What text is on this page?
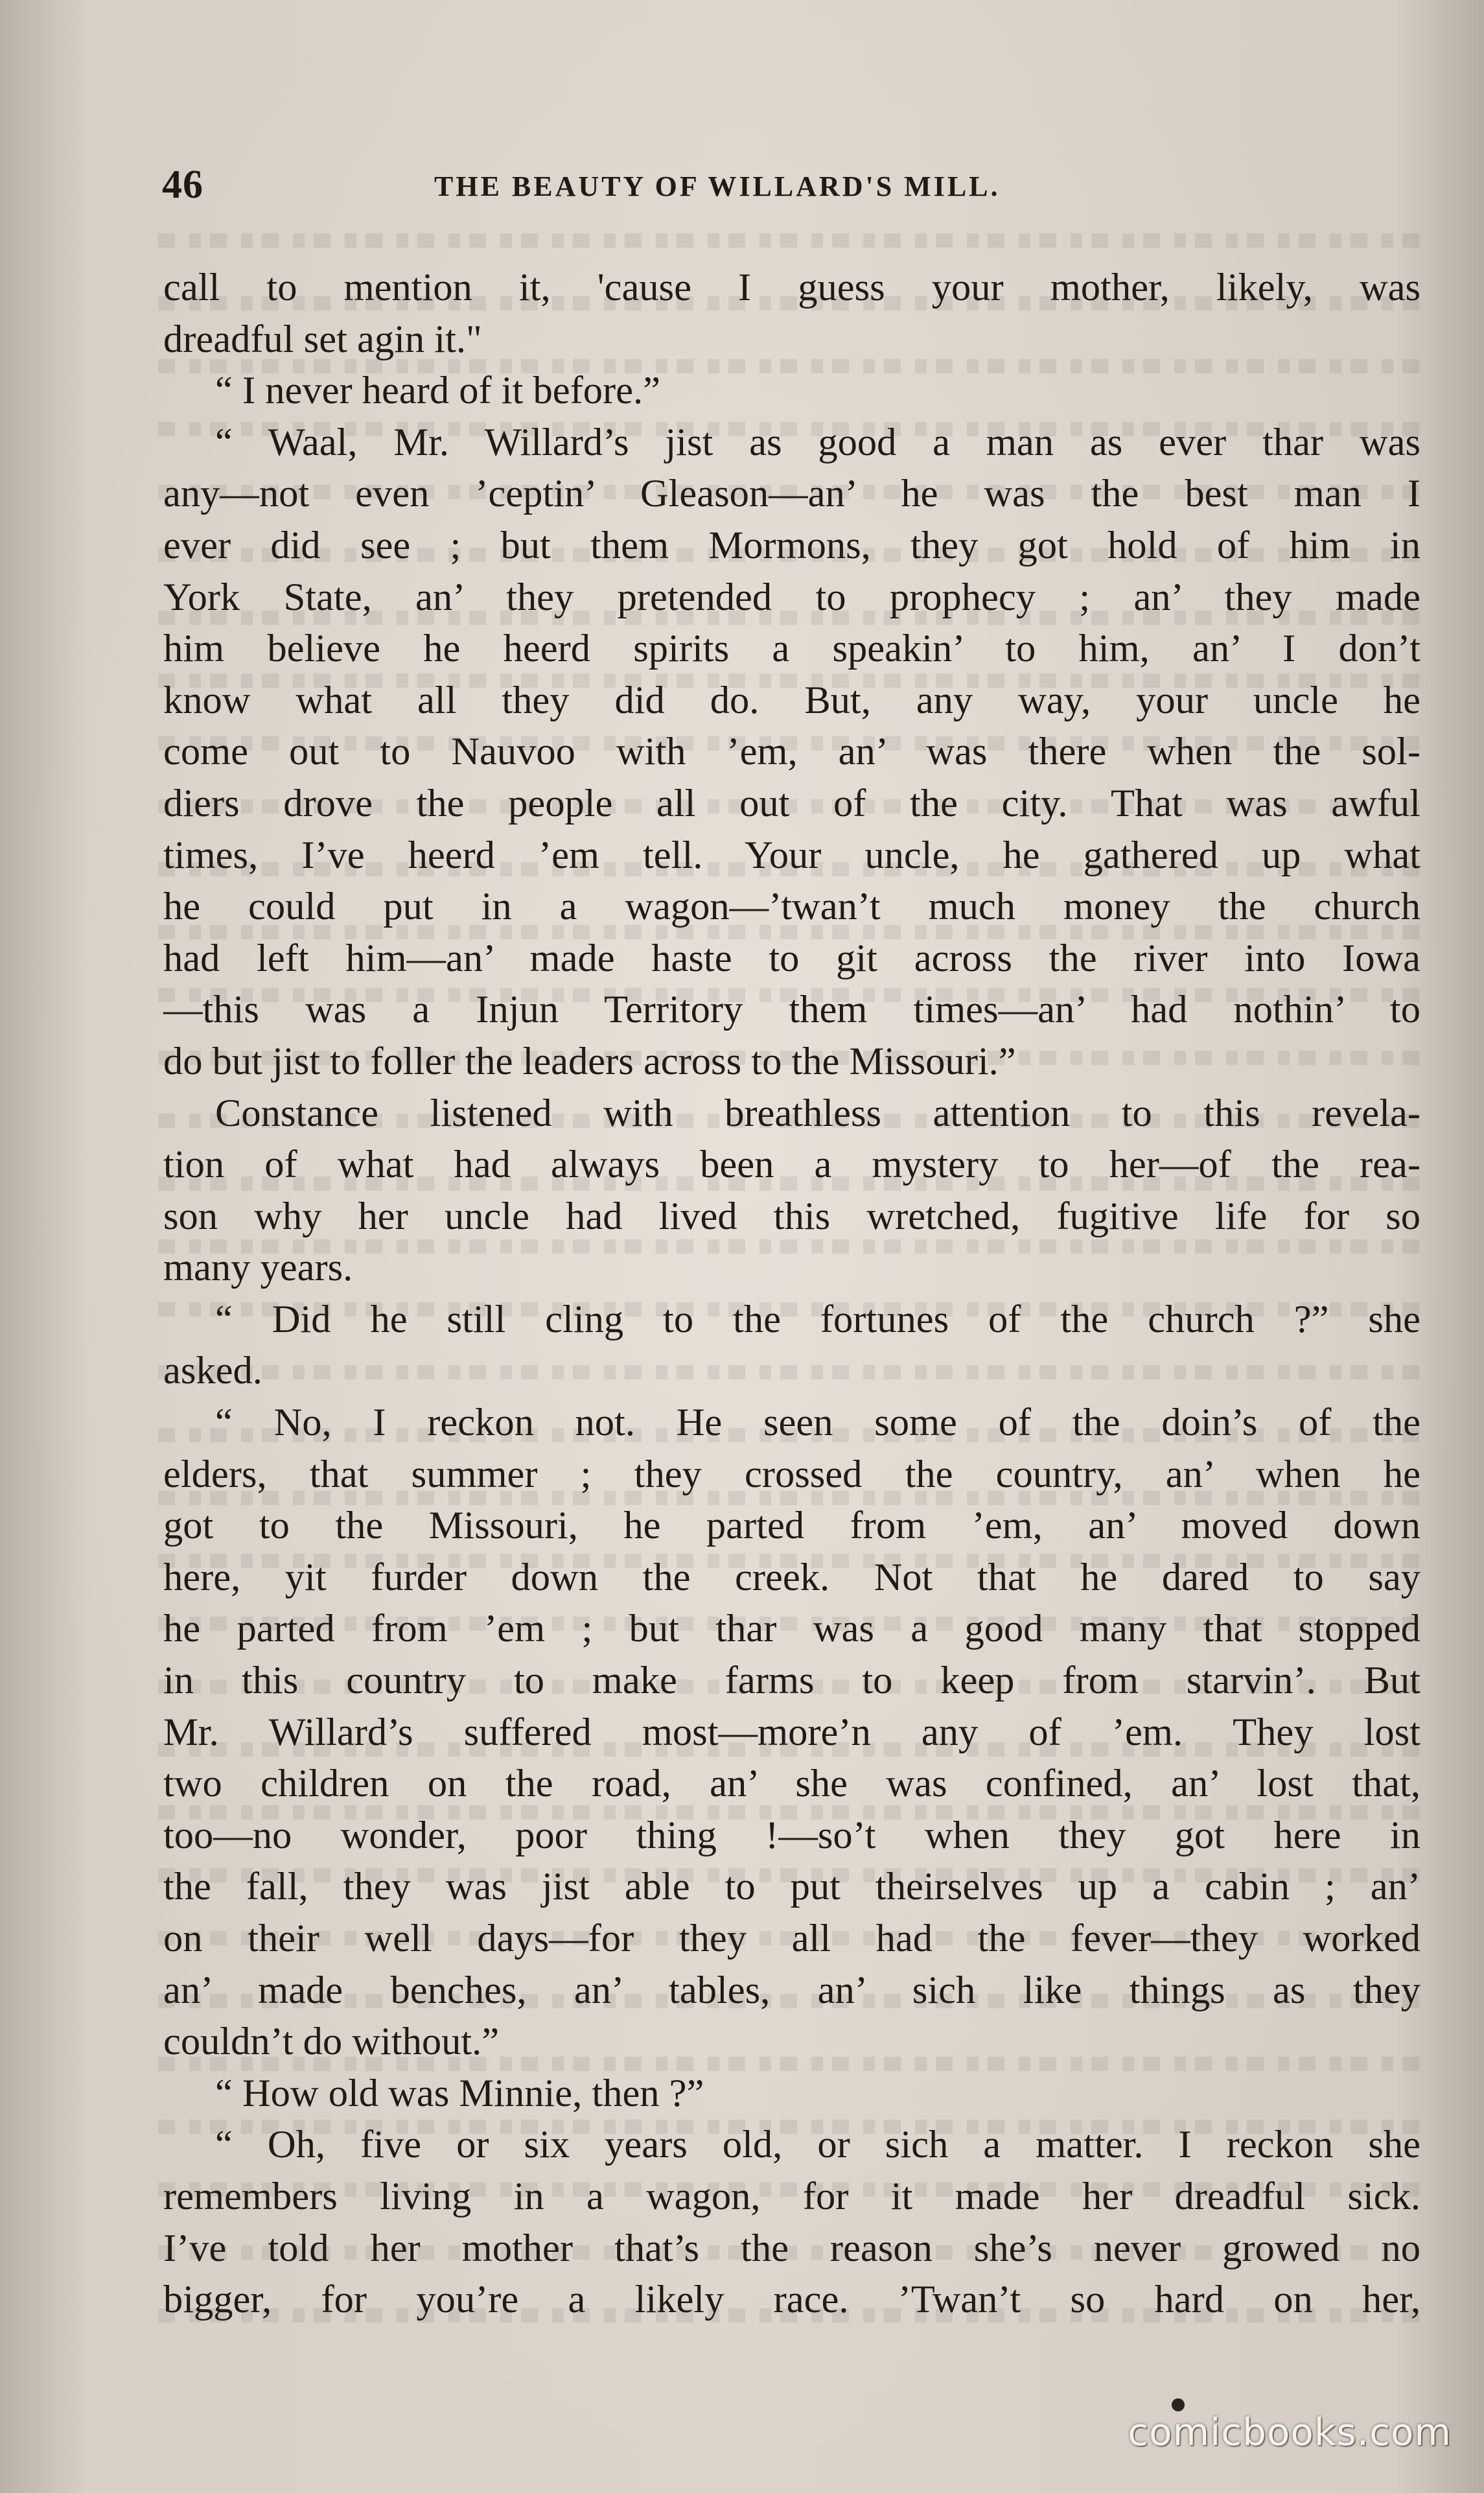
46	THE BEAUTY OF WILLARD'S MILL.
call to mention it, 'cause I guess your mother, likely, was
dreadful set agin it."
“ I never heard of it before.”
“ Waal, Mr. Willard’s jist as good a man as ever thar was
any—not even ’ceptin’ Gleason—an’ he was the best man I
ever did see ; but them Mormons, they got hold of him in
York State, an’ they pretended to prophecy ; an’ they made
him believe he heerd spirits a speakin’ to him, an’ I don’t
know what all they did do. But, any way, your uncle he
come out to Nauvoo with ’em, an’ was there when the sol-
diers drove the people all out of the city. That was awful
times, I’ve heerd ’em tell. Your uncle, he gathered up what
he could put in a wagon—’twan’t much money the church
had left him—an’ made haste to git across the river into Iowa
—this was a Injun Territory them times—an’ had nothin’ to
do but jist to foller the leaders across to the Missouri.”
Constance listened with breathless attention to this revela-
tion of what had always been a mystery to her—of the rea-
son why her uncle had lived this wretched, fugitive life for so
many years.
“ Did he still cling to the fortunes of the church ?” she
asked.
“ No, I reckon not. He seen some of the doin’s of the
elders, that summer ; they crossed the country, an’ when he
got to the Missouri, he parted from ’em, an’ moved down
here, yit furder down the creek. Not that he dared to say
he parted from ’em ; but thar was a good many that stopped
in this country to make farms to keep from starvin’. But
Mr. Willard’s suffered most—more’n any of ’em. They lost
two children on the road, an’ she was confined, an’ lost that,
too—no wonder, poor thing !—so’t when they got here in
the fall, they was jist able to put theirselves up a cabin ; an’
on their well days—for they all had the fever—they worked
an’ made benches, an’ tables, an’ sich like things as they
couldn’t do without.”
“ How old was Minnie, then ?”
“ Oh, five or six years old, or sich a matter. I reckon she
remembers living in a wagon, for it made her dreadful sick.
I’ve told her mother that’s the reason she’s never growed no
bigger, for you’re a likely race. ’Twan’t so hard on her,
comicbooks.com
